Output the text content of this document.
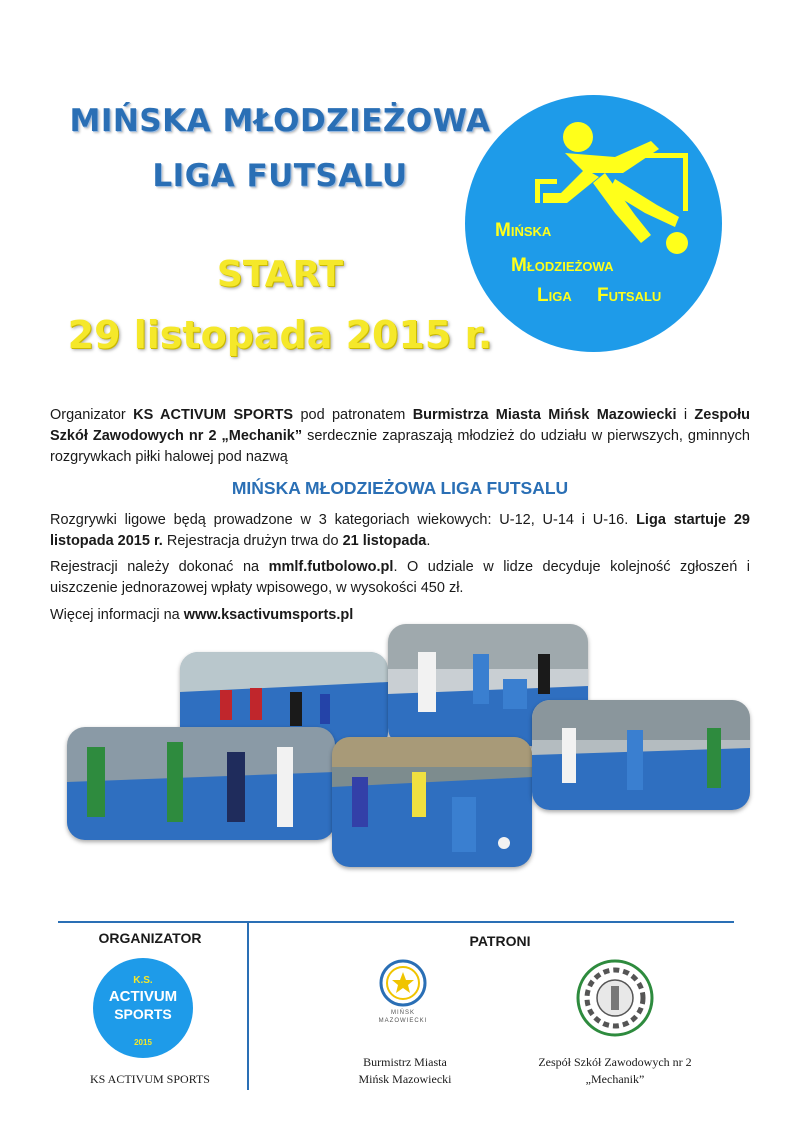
MIŃSKA MŁODZIEŻOWA
LIGA FUTSALU
START
29 listopada 2015 r.
Mińska
Młodzieżowa
Liga Futsalu
Organizator KS ACTIVUM SPORTS pod patronatem Burmistrza Miasta Mińsk Mazowiecki i Zespołu Szkół Zawodowych nr 2 „Mechanik” serdecznie zapraszają młodzież do udziału w pierwszych, gminnych rozgrywkach piłki halowej pod nazwą
MIŃSKA MŁODZIEŻOWA LIGA FUTSALU
Rozgrywki ligowe będą prowadzone w 3 kategoriach wiekowych: U-12, U-14 i U-16. Liga startuje 29 listopada 2015 r. Rejestracja drużyn trwa do 21 listopada.
Rejestracji należy dokonać na mmlf.futbolowo.pl. O udziale w lidze decyduje kolejność zgłoszeń i uiszczenie jednorazowej wpłaty wpisowego, w wysokości 450 zł.
Więcej informacji na www.ksactivumsports.pl
ORGANIZATOR
K.S.
ACTIVUM
SPORTS
2015
KS ACTIVUM SPORTS
PATRONI
MIŃSK
MAZOWIECKI
Burmistrz Miasta
Mińsk Mazowiecki
Zespół Szkół Zawodowych nr 2
„Mechanik”
